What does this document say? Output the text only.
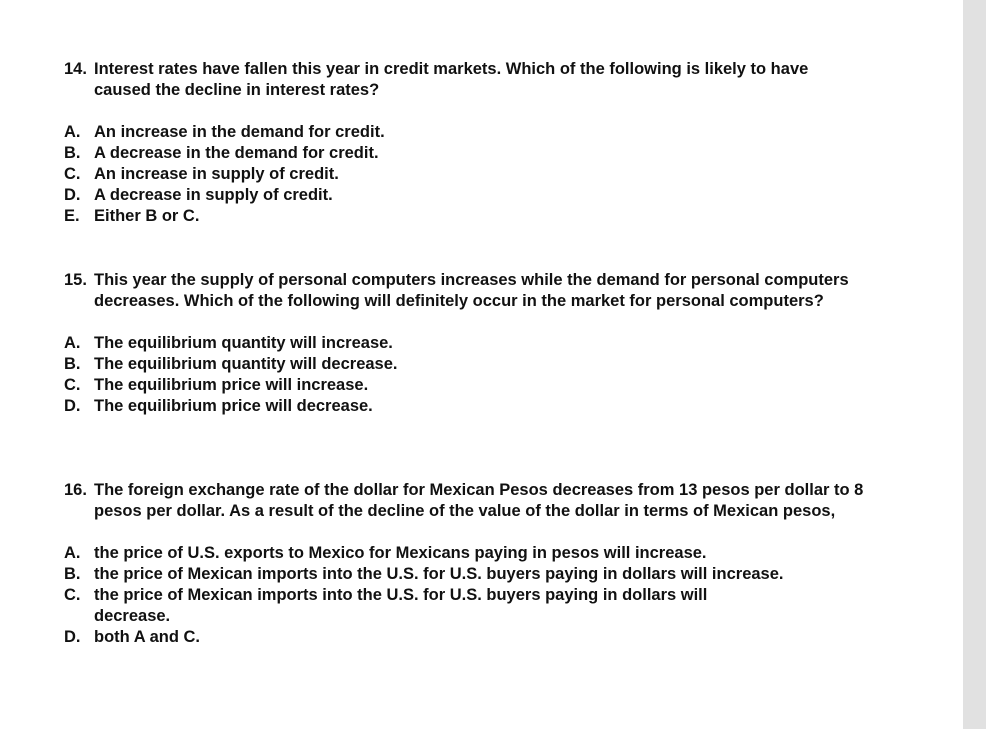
14. Interest rates have fallen this year in credit markets. Which of the following is likely to have caused the decline in interest rates?
A. An increase in the demand for credit.
B. A decrease in the demand for credit.
C. An increase in supply of credit.
D. A decrease in supply of credit.
E. Either B or C.
15. This year the supply of personal computers increases while the demand for personal computers decreases. Which of the following will definitely occur in the market for personal computers?
A. The equilibrium quantity will increase.
B. The equilibrium quantity will decrease.
C. The equilibrium price will increase.
D. The equilibrium price will decrease.
16. The foreign exchange rate of the dollar for Mexican Pesos decreases from 13 pesos per dollar to 8 pesos per dollar. As a result of the decline of the value of the dollar in terms of Mexican pesos,
A. the price of U.S. exports to Mexico for Mexicans paying in pesos will increase.
B. the price of Mexican imports into the U.S. for U.S. buyers paying in dollars will increase.
C. the price of Mexican imports into the U.S. for U.S. buyers paying in dollars will decrease.
D. both A and C.
